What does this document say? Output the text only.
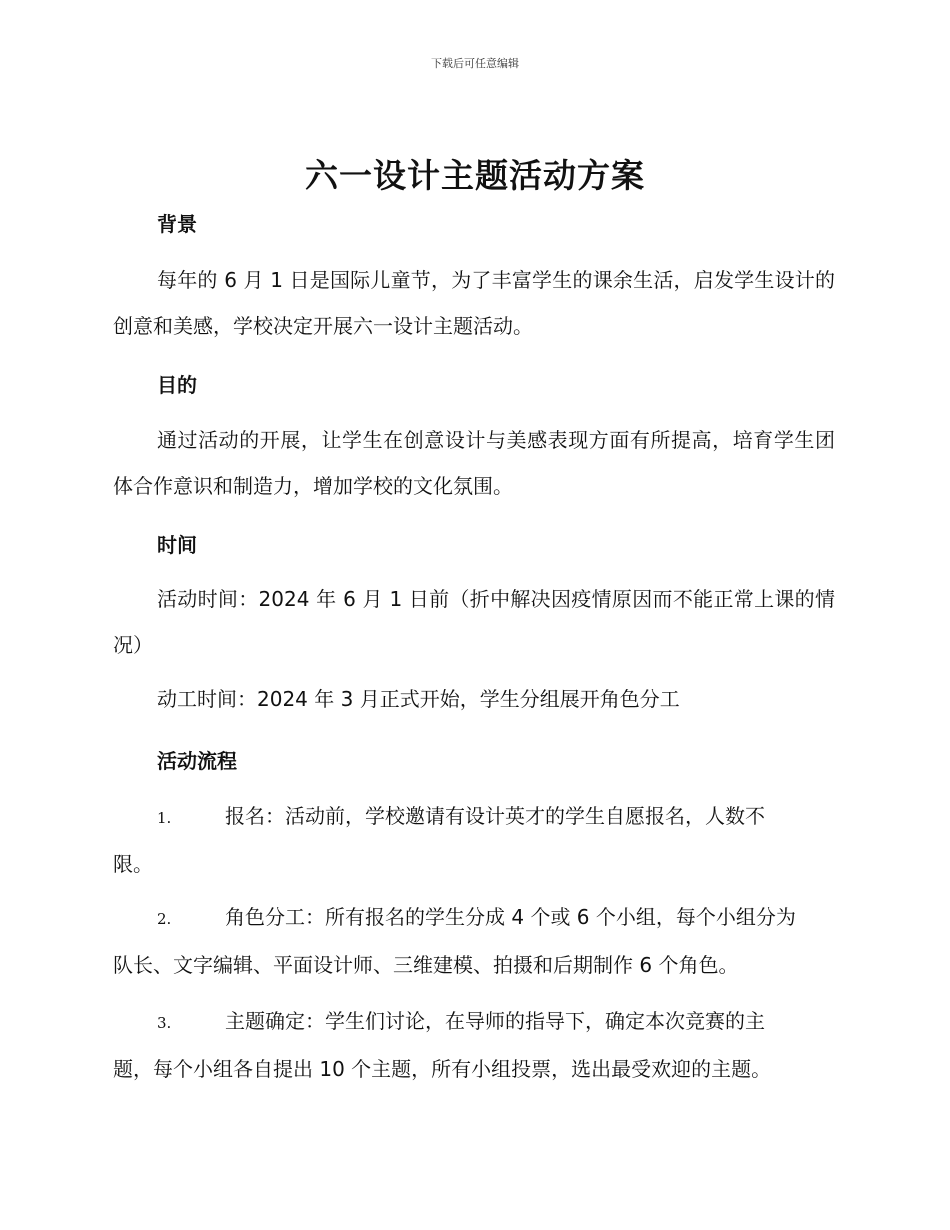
下载后可任意编辑
六一设计主题活动方案
背景
每年的 6 月 1 日是国际儿童节，为了丰富学生的课余生活，启发学生设计的创意和美感，学校决定开展六一设计主题活动。
目的
通过活动的开展，让学生在创意设计与美感表现方面有所提高，培育学生团体合作意识和制造力，增加学校的文化氛围。
时间
活动时间：2024 年 6 月 1 日前（折中解决因疫情原因而不能正常上课的情况）
动工时间：2024 年 3 月正式开始，学生分组展开角色分工
活动流程
1.	报名：活动前，学校邀请有设计英才的学生自愿报名，人数不
限。
2.	角色分工：所有报名的学生分成 4 个或 6 个小组，每个小组分为
队长、文字编辑、平面设计师、三维建模、拍摄和后期制作 6 个角色。
3.	主题确定：学生们讨论，在导师的指导下，确定本次竞赛的主
题，每个小组各自提出 10 个主题，所有小组投票，选出最受欢迎的主题。
